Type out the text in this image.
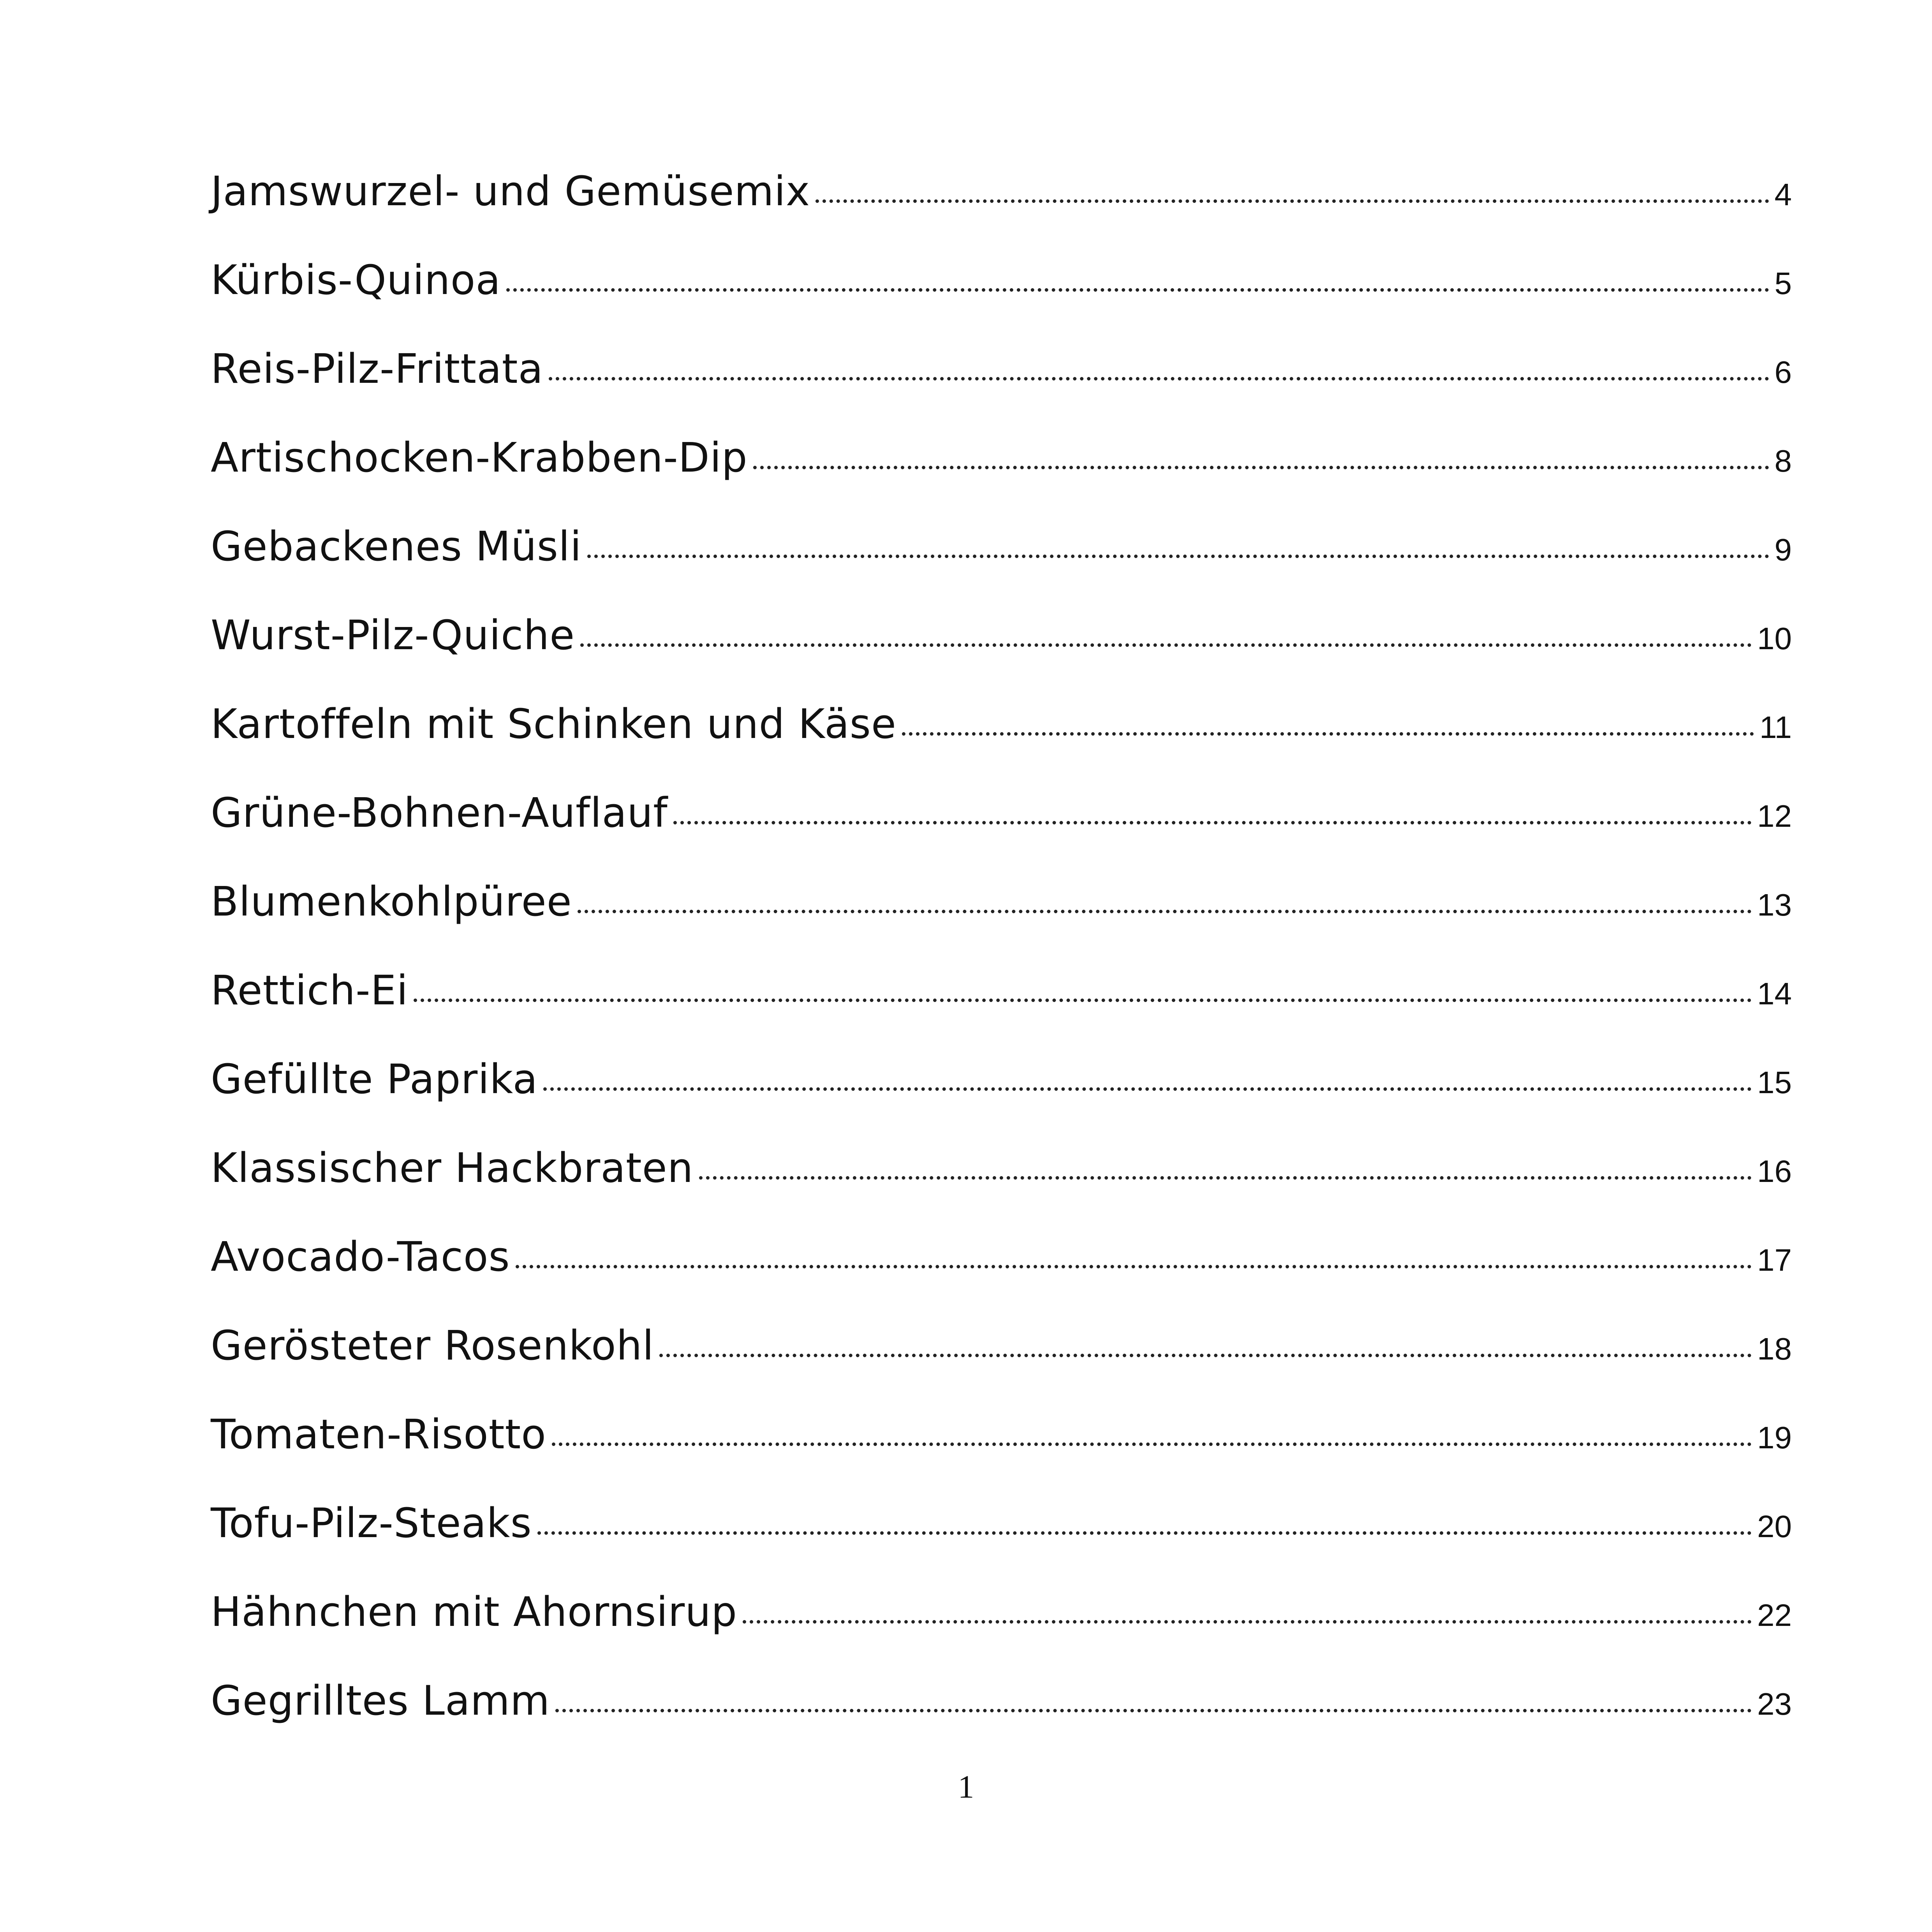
Jamswurzel- und Gemüsemix	4
Kürbis-Quinoa	5
Reis-Pilz-Frittata	6
Artischocken-Krabben-Dip	8
Gebackenes Müsli	9
Wurst-Pilz-Quiche	10
Kartoffeln mit Schinken und Käse	11
Grüne-Bohnen-Auflauf	12
Blumenkohlpüree	13
Rettich-Ei	14
Gefüllte Paprika	15
Klassischer Hackbraten	16
Avocado-Tacos	17
Gerösteter Rosenkohl	18
Tomaten-Risotto	19
Tofu-Pilz-Steaks	20
Hähnchen mit Ahornsirup	22
Gegrilltes Lamm	23
1
